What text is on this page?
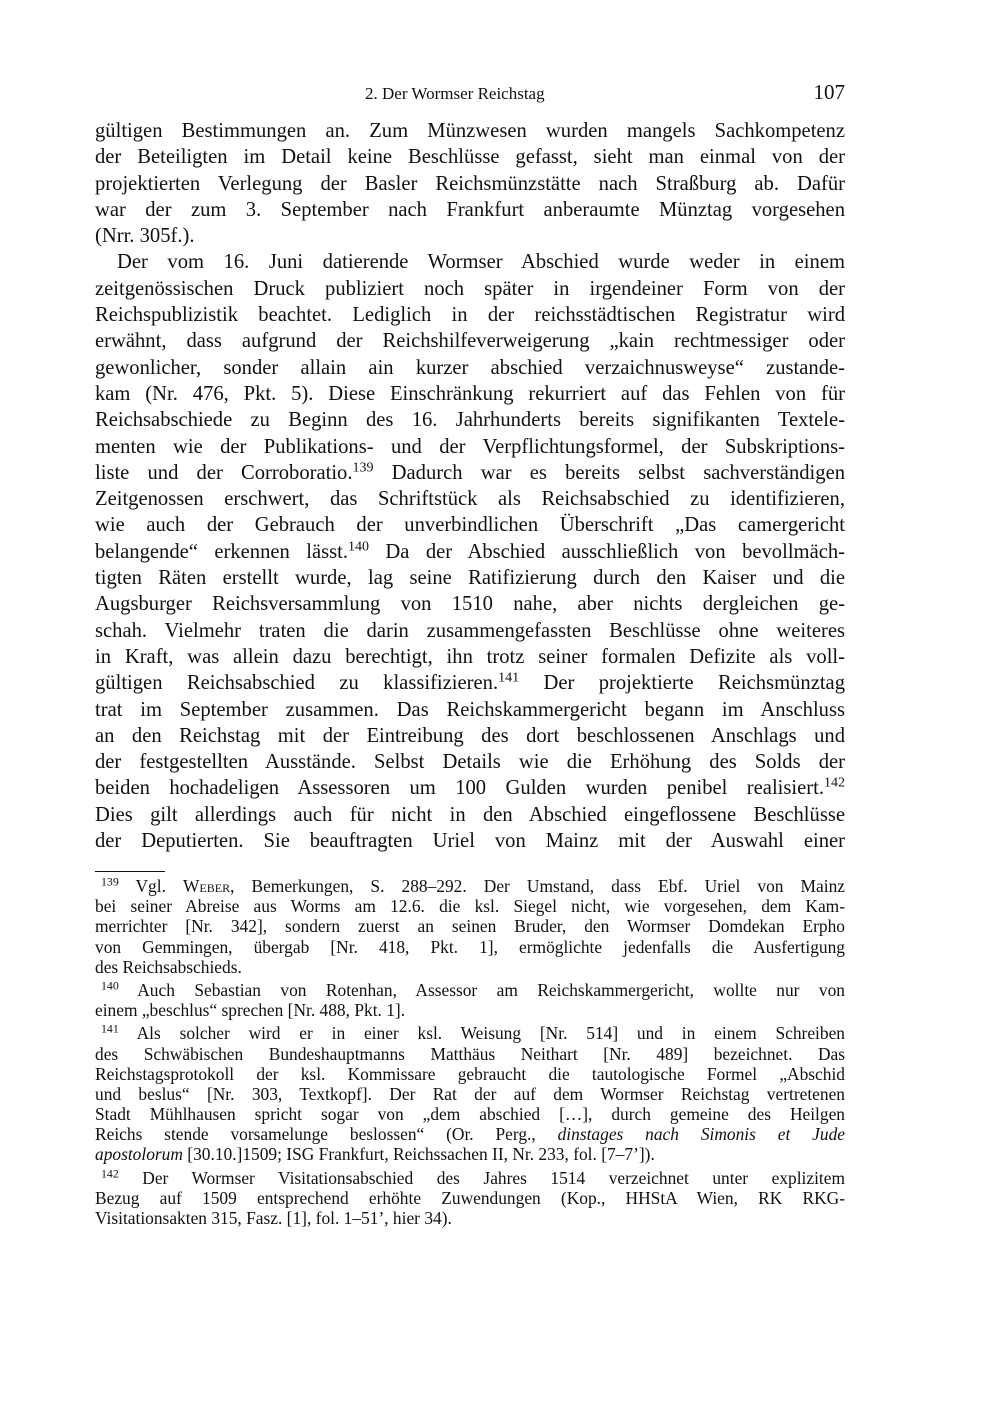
2. Der Wormser Reichstag	107
gültigen Bestimmungen an. Zum Münzwesen wurden mangels Sachkompetenz
der Beteiligten im Detail keine Beschlüsse gefasst, sieht man einmal von der
projektierten Verlegung der Basler Reichsmünzstätte nach Straßburg ab. Dafür
war der zum 3. September nach Frankfurt anberaumte Münztag vorgesehen
(Nrr. 305f.).
Der vom 16. Juni datierende Wormser Abschied wurde weder in einem
zeitgenössischen Druck publiziert noch später in irgendeiner Form von der
Reichspublizistik beachtet. Lediglich in der reichsstädtischen Registratur wird
erwähnt, dass aufgrund der Reichshilfeverweigerung „kain rechtmessiger oder
gewonlicher, sonder allain ain kurzer abschied verzaichnusweyse“ zustande-
kam (Nr. 476, Pkt. 5). Diese Einschränkung rekurriert auf das Fehlen von für
Reichsabschiede zu Beginn des 16. Jahrhunderts bereits signifikanten Textele-
menten wie der Publikations- und der Verpflichtungsformel, der Subskriptions-
liste und der Corroboratio.$^{139}$ Dadurch war es bereits selbst sachverständigen
Zeitgenossen erschwert, das Schriftstück als Reichsabschied zu identifizieren,
wie auch der Gebrauch der unverbindlichen Überschrift „Das camergericht
belangende“ erkennen lässt.$^{140}$ Da der Abschied ausschließlich von bevollmäch-
tigten Räten erstellt wurde, lag seine Ratifizierung durch den Kaiser und die
Augsburger Reichsversammlung von 1510 nahe, aber nichts dergleichen ge-
schah. Vielmehr traten die darin zusammengefassten Beschlüsse ohne weiteres
in Kraft, was allein dazu berechtigt, ihn trotz seiner formalen Defizite als voll-
gültigen Reichsabschied zu klassifizieren.$^{141}$ Der projektierte Reichsmünztag
trat im September zusammen. Das Reichskammergericht begann im Anschluss
an den Reichstag mit der Eintreibung des dort beschlossenen Anschlags und
der festgestellten Ausstände. Selbst Details wie die Erhöhung des Solds der
beiden hochadeligen Assessoren um 100 Gulden wurden penibel realisiert.$^{142}$
Dies gilt allerdings auch für nicht in den Abschied eingeflossene Beschlüsse
der Deputierten. Sie beauftragten Uriel von Mainz mit der Auswahl einer
$^{139}$ Vgl. Weber, Bemerkungen, S. 288–292. Der Umstand, dass Ebf. Uriel von Mainz
bei seiner Abreise aus Worms am 12.6. die ksl. Siegel nicht, wie vorgesehen, dem Kam-
merrichter [Nr. 342], sondern zuerst an seinen Bruder, den Wormser Domdekan Erpho
von Gemmingen, übergab [Nr. 418, Pkt. 1], ermöglichte jedenfalls die Ausfertigung
des Reichsabschieds.
$^{140}$ Auch Sebastian von Rotenhan, Assessor am Reichskammergericht, wollte nur von
einem „beschlus“ sprechen [Nr. 488, Pkt. 1].
$^{141}$ Als solcher wird er in einer ksl. Weisung [Nr. 514] und in einem Schreiben
des Schwäbischen Bundeshauptmanns Matthäus Neithart [Nr. 489] bezeichnet. Das
Reichstagsprotokoll der ksl. Kommissare gebraucht die tautologische Formel „Abschid
und beslus“ [Nr. 303, Textkopf]. Der Rat der auf dem Wormser Reichstag vertretenen
Stadt Mühlhausen spricht sogar von „dem abschied […], durch gemeine des Heilgen
Reichs stende vorsamelunge beslossen“ (Or. Perg., dinstages nach Simonis et Jude
apostolorum [30.10.]1509; ISG Frankfurt, Reichssachen II, Nr. 233, fol. [7–7’]).
$^{142}$ Der Wormser Visitationsabschied des Jahres 1514 verzeichnet unter explizitem
Bezug auf 1509 entsprechend erhöhte Zuwendungen (Kop., HHStA Wien, RK RKG-
Visitationsakten 315, Fasz. [1], fol. 1–51’, hier 34).
